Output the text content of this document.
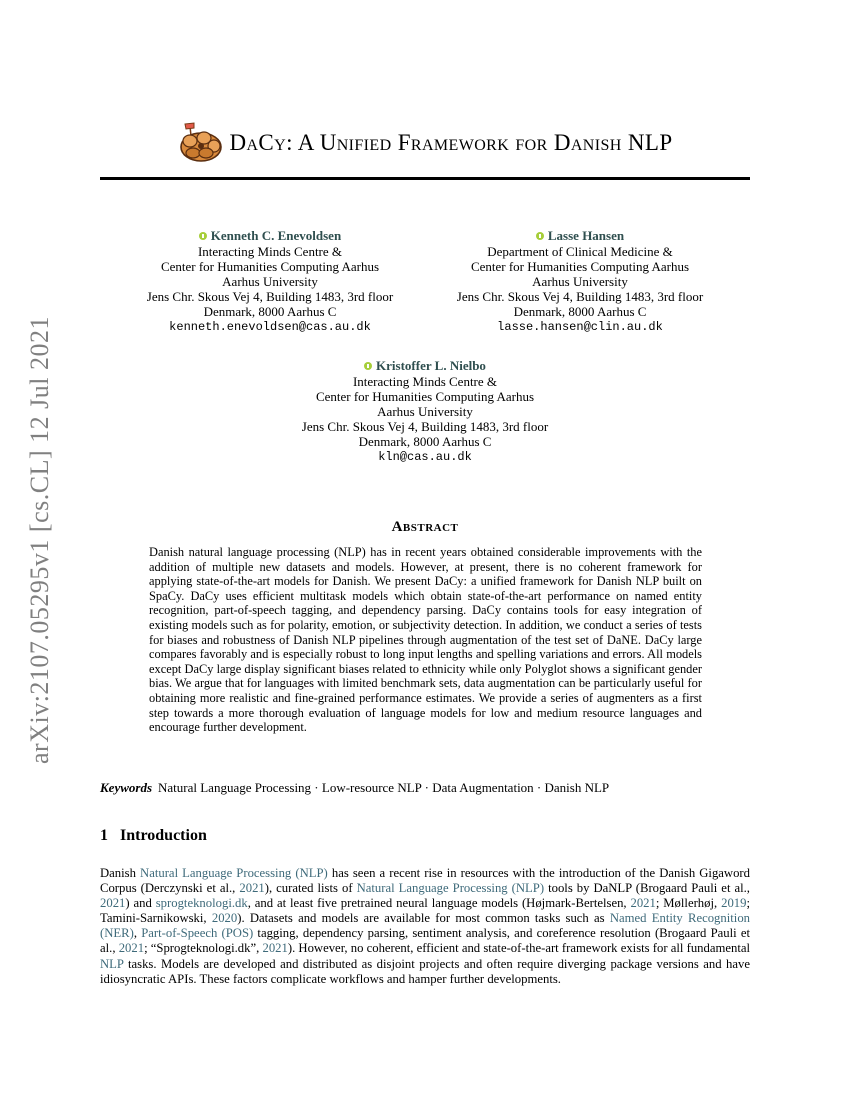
arXiv:2107.05295v1 [cs.CL] 12 Jul 2021
DaCy: A Unified Framework for Danish NLP
Kenneth C. Enevoldsen
Interacting Minds Centre &
Center for Humanities Computing Aarhus
Aarhus University
Jens Chr. Skous Vej 4, Building 1483, 3rd floor
Denmark, 8000 Aarhus C
kenneth.enevoldsen@cas.au.dk
Lasse Hansen
Department of Clinical Medicine &
Center for Humanities Computing Aarhus
Aarhus University
Jens Chr. Skous Vej 4, Building 1483, 3rd floor
Denmark, 8000 Aarhus C
lasse.hansen@clin.au.dk
Kristoffer L. Nielbo
Interacting Minds Centre &
Center for Humanities Computing Aarhus
Aarhus University
Jens Chr. Skous Vej 4, Building 1483, 3rd floor
Denmark, 8000 Aarhus C
kln@cas.au.dk
Abstract
Danish natural language processing (NLP) has in recent years obtained considerable improvements with the addition of multiple new datasets and models. However, at present, there is no coherent framework for applying state-of-the-art models for Danish. We present DaCy: a unified framework for Danish NLP built on SpaCy. DaCy uses efficient multitask models which obtain state-of-the-art performance on named entity recognition, part-of-speech tagging, and dependency parsing. DaCy contains tools for easy integration of existing models such as for polarity, emotion, or subjectivity detection. In addition, we conduct a series of tests for biases and robustness of Danish NLP pipelines through augmentation of the test set of DaNE. DaCy large compares favorably and is especially robust to long input lengths and spelling variations and errors. All models except DaCy large display significant biases related to ethnicity while only Polyglot shows a significant gender bias. We argue that for languages with limited benchmark sets, data augmentation can be particularly useful for obtaining more realistic and fine-grained performance estimates. We provide a series of augmenters as a first step towards a more thorough evaluation of language models for low and medium resource languages and encourage further development.
Keywords Natural Language Processing · Low-resource NLP · Data Augmentation · Danish NLP
1 Introduction
Danish Natural Language Processing (NLP) has seen a recent rise in resources with the introduction of the Danish Gigaword Corpus (Derczynski et al., 2021), curated lists of Natural Language Processing (NLP) tools by DaNLP (Brogaard Pauli et al., 2021) and sprogteknologi.dk, and at least five pretrained neural language models (Højmark-Bertelsen, 2021; Møllerhøj, 2019; Tamini-Sarnikowski, 2020). Datasets and models are available for most common tasks such as Named Entity Recognition (NER), Part-of-Speech (POS) tagging, dependency parsing, sentiment analysis, and coreference resolution (Brogaard Pauli et al., 2021; “Sprogteknologi.dk”, 2021). However, no coherent, efficient and state-of-the-art framework exists for all fundamental NLP tasks. Models are developed and distributed as disjoint projects and often require diverging package versions and have idiosyncratic APIs. These factors complicate workflows and hamper further developments.
